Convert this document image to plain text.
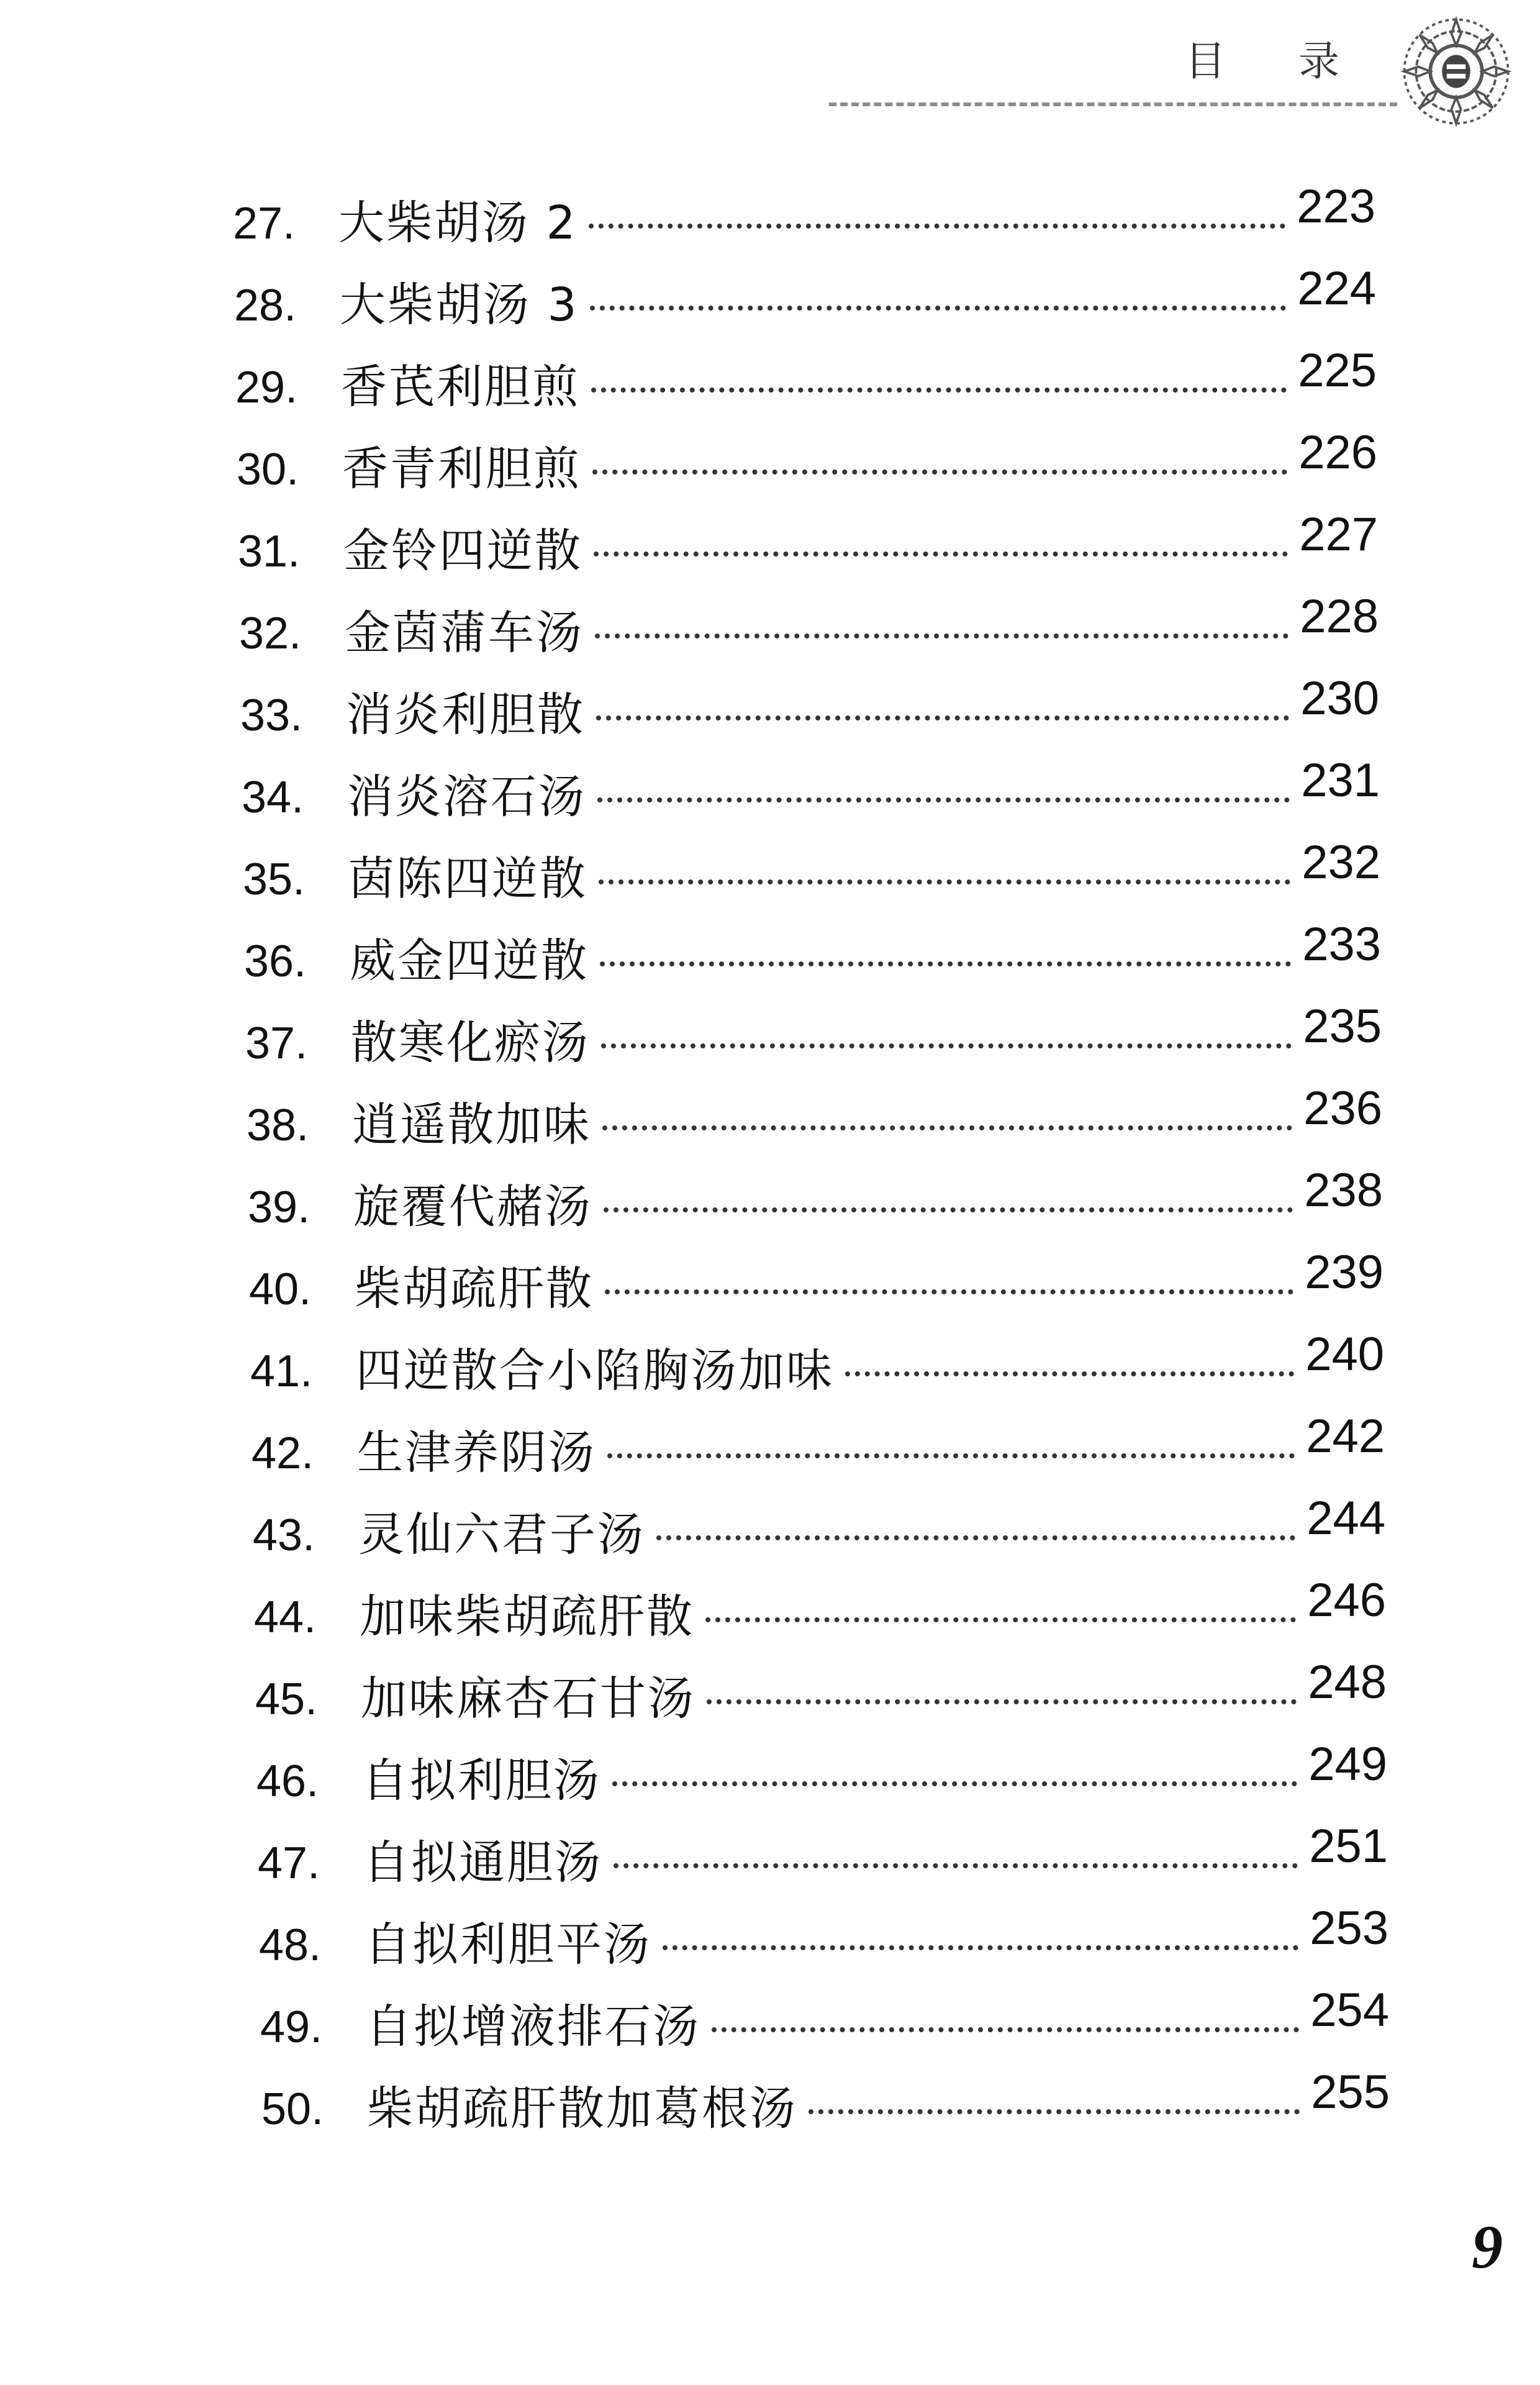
目 录
27. 大柴胡汤 2	223
28. 大柴胡汤 3	224
29. 香芪利胆煎	225
30. 香青利胆煎	226
31. 金铃四逆散	227
32. 金茵蒲车汤	228
33. 消炎利胆散	230
34. 消炎溶石汤	231
35. 茵陈四逆散	232
36. 威金四逆散	233
37. 散寒化瘀汤	235
38. 逍遥散加味	236
39. 旋覆代赭汤	238
40. 柴胡疏肝散	239
41. 四逆散合小陷胸汤加味	240
42. 生津养阴汤	242
43. 灵仙六君子汤	244
44. 加味柴胡疏肝散	246
45. 加味麻杏石甘汤	248
46. 自拟利胆汤	249
47. 自拟通胆汤	251
48. 自拟利胆平汤	253
49. 自拟增液排石汤	254
50. 柴胡疏肝散加葛根汤	255
9
